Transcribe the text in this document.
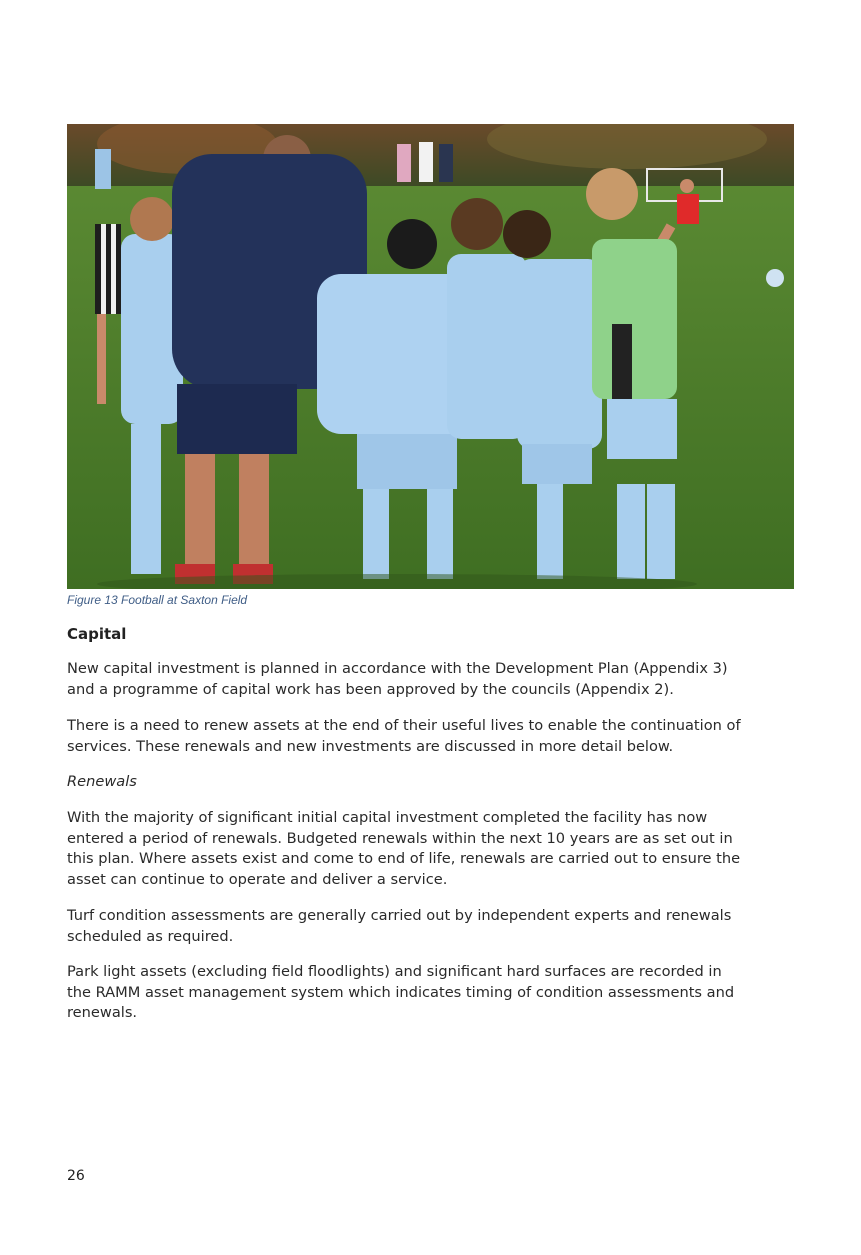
Figure 13 Football at Saxton Field
Capital
New capital investment is planned in accordance with the Development Plan (Appendix 3)
and a programme of capital work has been approved by the councils (Appendix 2).
There is a need to renew assets at the end of their useful lives to enable the continuation of
services. These renewals and new investments are discussed in more detail below.
Renewals
With the majority of significant initial capital investment completed the facility has now
entered a period of renewals. Budgeted renewals within the next 10 years are as set out in
this plan. Where assets exist and come to end of life, renewals are carried out to ensure the
asset can continue to operate and deliver a service.
Turf condition assessments are generally carried out by independent experts and renewals
scheduled as required.
Park light assets (excluding field floodlights) and significant hard surfaces are recorded in
the RAMM asset management system which indicates timing of condition assessments and
renewals.
26
